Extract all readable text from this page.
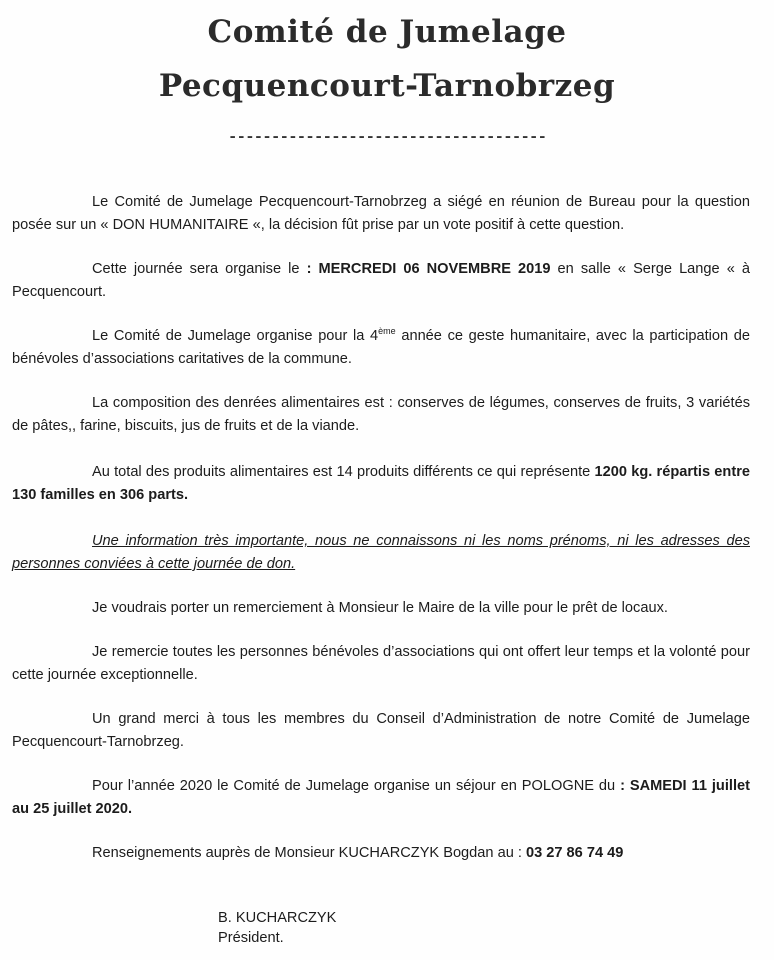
Comité de Jumelage
Pecquencourt-Tarnobrzeg
-------------------------------------

Le Comité de Jumelage Pecquencourt-Tarnobrzeg a siégé en réunion de Bureau pour la question posée sur un « DON HUMANITAIRE «, la décision fût prise par un vote positif à cette question.

Cette journée sera organise le : MERCREDI 06 NOVEMBRE 2019 en salle « Serge Lange « à Pecquencourt.

Le Comité de Jumelage organise pour la 4ème année ce geste humanitaire, avec la participation de bénévoles d’associations caritatives de la commune.

La composition des denrées alimentaires est : conserves de légumes, conserves de fruits, 3 variétés de pâtes,, farine, biscuits, jus de fruits et de la viande.

Au total des produits alimentaires est 14 produits différents ce qui représente 1200 kg. répartis entre 130 familles en 306 parts.

Une information très importante, nous ne connaissons ni les noms prénoms, ni les adresses des personnes conviées à cette journée de don.

Je voudrais porter un remerciement à Monsieur le Maire de la ville pour le prêt de locaux.

Je remercie toutes les personnes bénévoles d’associations qui ont offert leur temps et la volonté pour cette journée exceptionnelle.

Un grand merci à tous les membres du Conseil d’Administration de notre Comité de Jumelage Pecquencourt-Tarnobrzeg.

Pour l’année 2020 le Comité de Jumelage organise un séjour en POLOGNE du : SAMEDI 11 juillet au 25 juillet 2020.

Renseignements auprès de Monsieur KUCHARCZYK Bogdan au : 03 27 86 74 49

B. KUCHARCZYK
Président.
